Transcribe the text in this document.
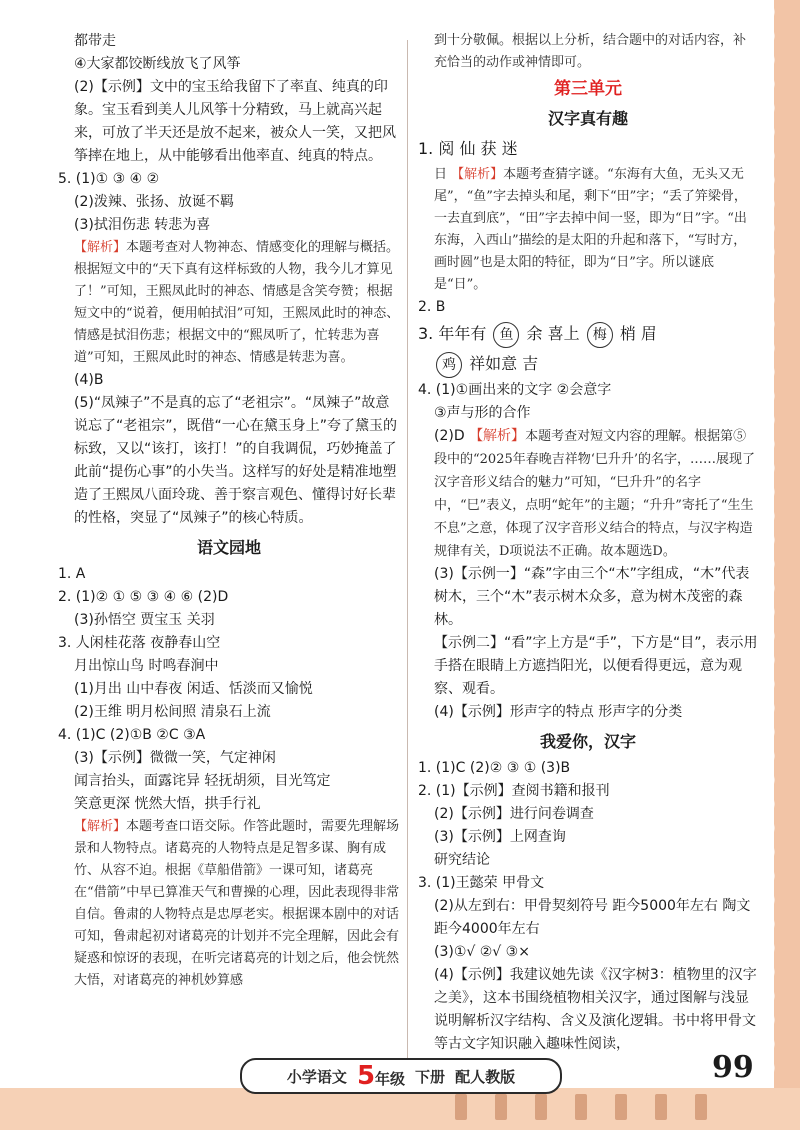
都带走

④大家都饺断线放飞了风筝

(2)【示例】文中的宝玉给我留下了率直、纯真的印象。宝玉看到美人儿风筝十分精致，马上就高兴起来，可放了半天还是放不起来，被众人一笑，又把风筝摔在地上，从中能够看出他率直、纯真的特点。

5. (1)① ③ ④ ②

(2)泼辣、张扬、放诞不羁

(3)拭泪伤悲 转悲为喜

【解析】本题考查对人物神态、情感变化的理解与概括。根据短文中的“天下真有这样标致的人物，我今儿才算见了！”可知，王熙凤此时的神态、情感是含笑夸赞；根据短文中的“说着，便用帕拭泪”可知，王熙凤此时的神态、情感是拭泪伤悲；根据文中的“熙凤听了，忙转悲为喜道”可知，王熙凤此时的神态、情感是转悲为喜。

(4)B

(5)“凤辣子”不是真的忘了“老祖宗”。“凤辣子”故意说忘了“老祖宗”，既借“一心在黛玉身上”夸了黛玉的标致，又以“该打，该打！”的自我调侃，巧妙掩盖了此前“提伤心事”的小失当。这样写的好处是精准地塑造了王熙凤八面玲珑、善于察言观色、懂得讨好长辈的性格，突显了“凤辣子”的核心特质。

语文园地

1. A

2. (1)② ① ⑤ ③ ④ ⑥ (2)D

(3)孙悟空 贾宝玉 关羽

3. 人闲桂花落 夜静春山空

月出惊山鸟 时鸣春涧中

(1)月出 山中春夜 闲适、恬淡而又愉悦

(2)王维 明月松间照 清泉石上流

4. (1)C (2)①B ②C ③A

(3)【示例】微微一笑，气定神闲

闻言抬头，面露诧异 轻抚胡须，目光笃定

笑意更深 恍然大悟，拱手行礼

【解析】本题考查口语交际。作答此题时，需要先理解场景和人物特点。诸葛亮的人物特点是足智多谋、胸有成竹、从容不迫。根据《草船借箭》一课可知，诸葛亮在“借箭”中早已算准天气和曹操的心理，因此表现得非常自信。鲁肃的人物特点是忠厚老实。根据课本剧中的对话可知，鲁肃起初对诸葛亮的计划并不完全理解，因此会有疑惑和惊讶的表现，在听完诸葛亮的计划之后，他会恍然大悟，对诸葛亮的神机妙算感

到十分敬佩。根据以上分析，结合题中的对话内容，补充恰当的动作或神情即可。

第三单元
汉字真有趣

1. 阅 仙 获 迷

日 【解析】本题考查猜字谜。“东海有大鱼，无头又无尾”，“鱼”字去掉头和尾，剩下“田”字；“丢了笄梁骨，一去直到底”，“田”字去掉中间一竖，即为“日”字。“出东海，入西山”描绘的是太阳的升起和落下，“写时方，画时圆”也是太阳的特征，即为“日”字。所以谜底是“日”。

2. B

3. 年年有 鱼 余 喜上 梅 梢 眉

鸡 祥如意 吉

4. (1)①画出来的文字 ②会意字

③声与形的合作

(2)D 【解析】本题考查对短文内容的理解。根据第⑤段中的“2025年春晚吉祥物‘巳升升’的名字，……展现了汉字音形义结合的魅力”可知，“巳升升”的名字中，“巳”表义，点明“蛇年”的主题；“升升”寄托了“生生不息”之意，体现了汉字音形义结合的特点，与汉字构造规律有关，D项说法不正确。故本题选D。

(3)【示例一】“森”字由三个“木”字组成，“木”代表树木，三个“木”表示树木众多，意为树木茂密的森林。

【示例二】“看”字上方是“手”，下方是“目”，表示用手搭在眼睛上方遮挡阳光，以便看得更远，意为观察、观看。

(4)【示例】形声字的特点 形声字的分类

我爱你，汉字

1. (1)C (2)② ③ ① (3)B

2. (1)【示例】查阅书籍和报刊

(2)【示例】进行问卷调查

(3)【示例】上网查询

研究结论

3. (1)王懿荣 甲骨文

(2)从左到右：甲骨契刻符号 距今5000年左右 陶文 距今4000年左右

(3)①√ ②√ ③×

(4)【示例】我建议她先读《汉字树3：植物里的汉字之美》，这本书围绕植物相关汉字，通过图解与浅显说明解析汉字结构、含义及演化逻辑。书中将甲骨文等古文字知识融入趣味性阅读，

小学语文 5年级 下册 配人教版	99
